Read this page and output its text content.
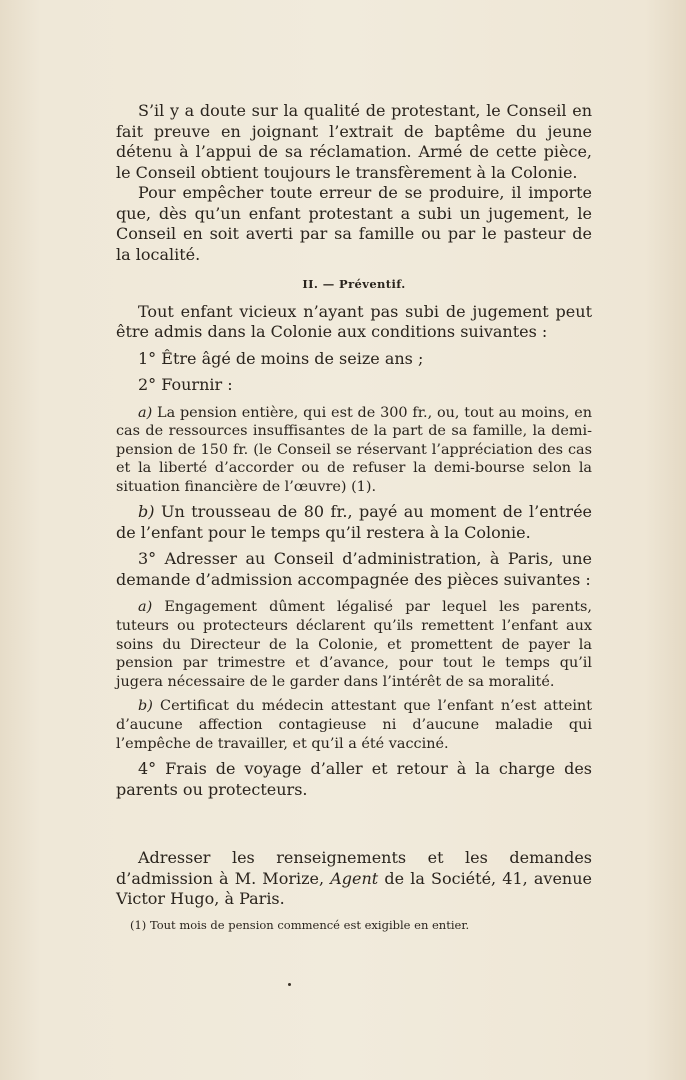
S’il y a doute sur la qualité de protestant, le Conseil en fait preuve en joignant l’extrait de baptême du jeune détenu à l’appui de sa réclamation. Armé de cette pièce, le Conseil obtient toujours le transfèrement à la Colonie.

Pour empêcher toute erreur de se produire, il importe que, dès qu’un enfant protestant a subi un jugement, le Conseil en soit averti par sa famille ou par le pasteur de la localité.

II. — Préventif.

Tout enfant vicieux n’ayant pas subi de jugement peut être admis dans la Colonie aux conditions suivantes :

1° Être âgé de moins de seize ans ;

2° Fournir :

a) La pension entière, qui est de 300 fr., ou, tout au moins, en cas de ressources insuffisantes de la part de sa famille, la demi-pension de 150 fr. (le Conseil se réservant l’appréciation des cas et la liberté d’accorder ou de refuser la demi-bourse selon la situation financière de l’œuvre) (1).

b) Un trousseau de 80 fr., payé au moment de l’entrée de l’enfant pour le temps qu’il restera à la Colonie.

3° Adresser au Conseil d’administration, à Paris, une demande d’admission accompagnée des pièces suivantes :

a) Engagement dûment légalisé par lequel les parents, tuteurs ou protecteurs déclarent qu’ils remettent l’enfant aux soins du Directeur de la Colonie, et promettent de payer la pension par trimestre et d’avance, pour tout le temps qu’il jugera nécessaire de le garder dans l’intérêt de sa moralité.

b) Certificat du médecin attestant que l’enfant n’est atteint d’aucune affection contagieuse ni d’aucune maladie qui l’empêche de travailler, et qu’il a été vacciné.

4° Frais de voyage d’aller et retour à la charge des parents ou protecteurs.

Adresser les renseignements et les demandes d’admission à M. Morize, Agent de la Société, 41, avenue Victor Hugo, à Paris.

(1) Tout mois de pension commencé est exigible en entier.
